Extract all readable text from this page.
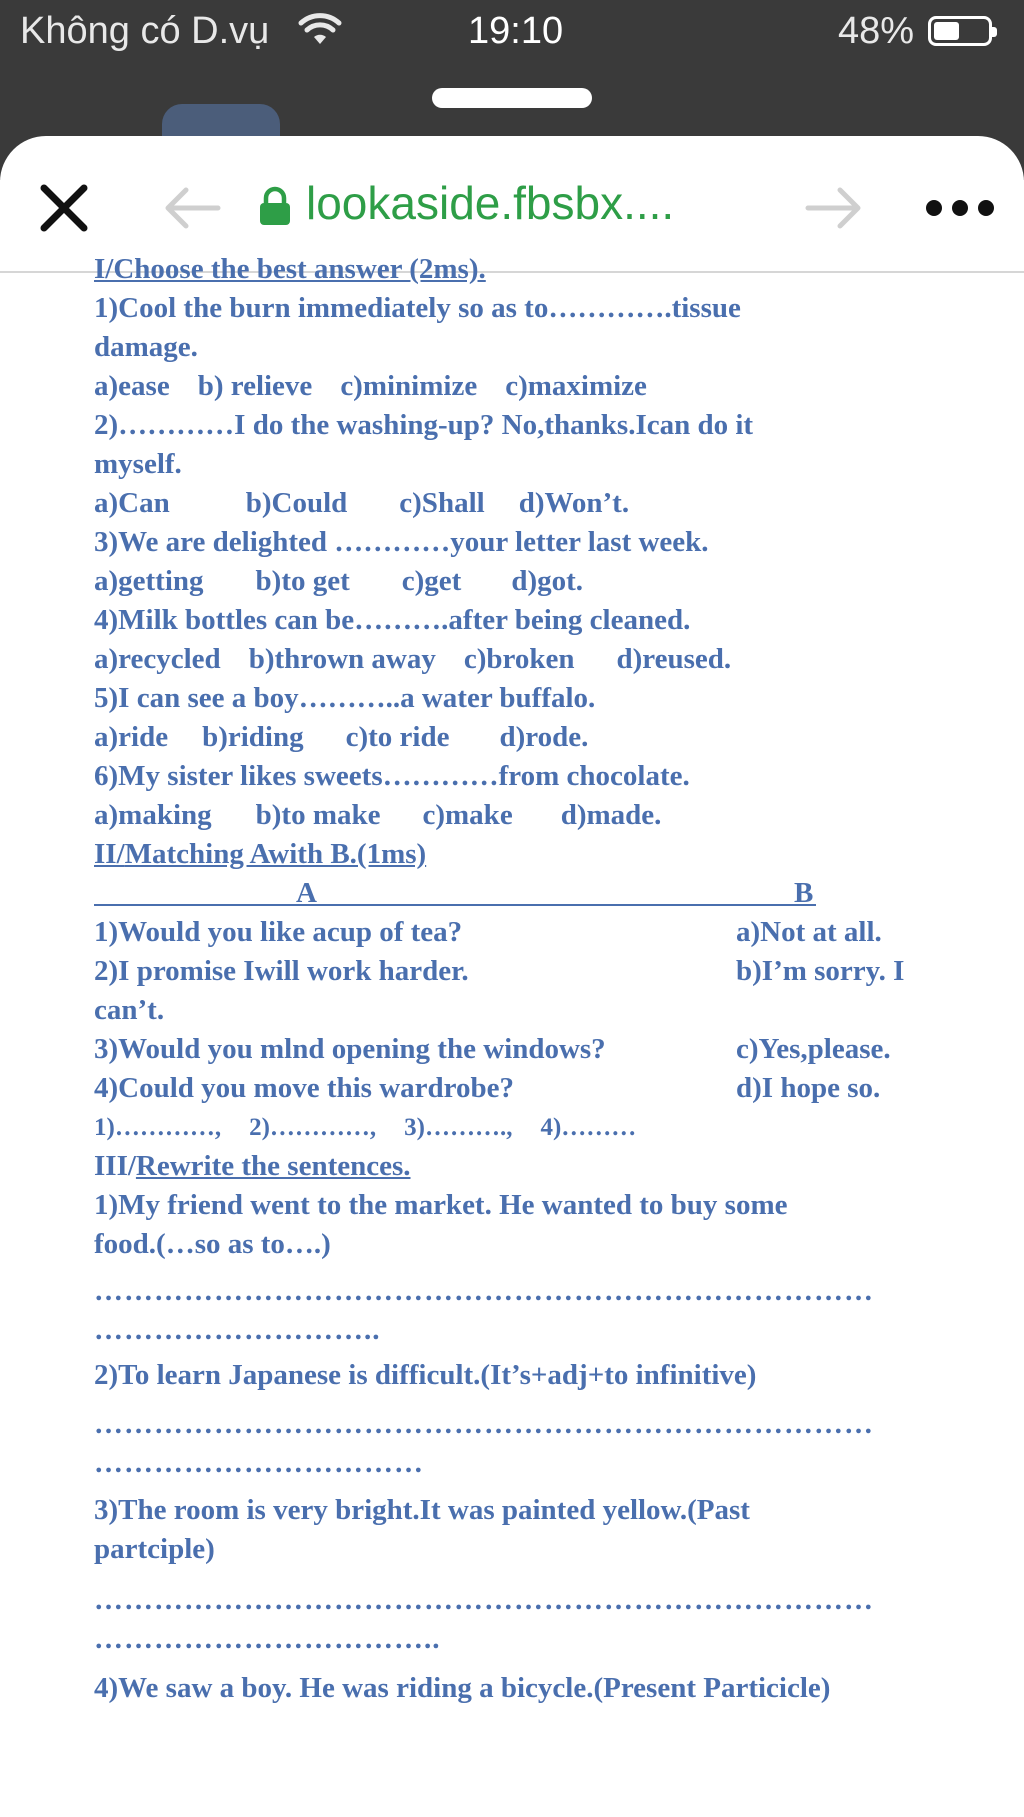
Không có D.vụ	19:10	48%
lookaside.fbsbx....
I/Choose the best answer (2ms).
1)Cool the burn immediately so as to………….tissue
damage.
a)ease b) relieve c)minimize c)maximize
2)…………I do the washing-up? No,thanks.Ican do it
myself.
a)Can	b)Could c)Shall d)Won’t.
3)We are delighted …………your letter last week.
a)getting b)to get c)get d)got.
4)Milk bottles can be……….after being cleaned.
a)recycled b)thrown away c)broken d)reused.
5)I can see a boy………..a water buffalo.
a)ride b)riding c)to ride d)rode.
6)My sister likes sweets…………from chocolate.
a)making b)to make c)make d)made.
II/Matching Awith B.(1ms)
A	B
1)Would you like acup of tea?	a)Not at all.
2)I promise Iwill work harder.	b)I’m sorry. I
can’t.
3)Would you mlnd opening the windows?	c)Yes,please.
4)Could you move this wardrobe?	d)I hope so.
1)…………, 2)…………, 3)………., 4)………
III/Rewrite the sentences.
1)My friend went to the market. He wanted to buy some
food.(…so as to….)
……………………………………………………………………
………………………..
2)To learn Japanese is difficult.(It’s+adj+to infinitive)
……………………………………………………………………
……………………………
3)The room is very bright.It was painted yellow.(Past
partciple)
……………………………………………………………………
……………………………..
4)We saw a boy. He was riding a bicycle.(Present Particicle)
